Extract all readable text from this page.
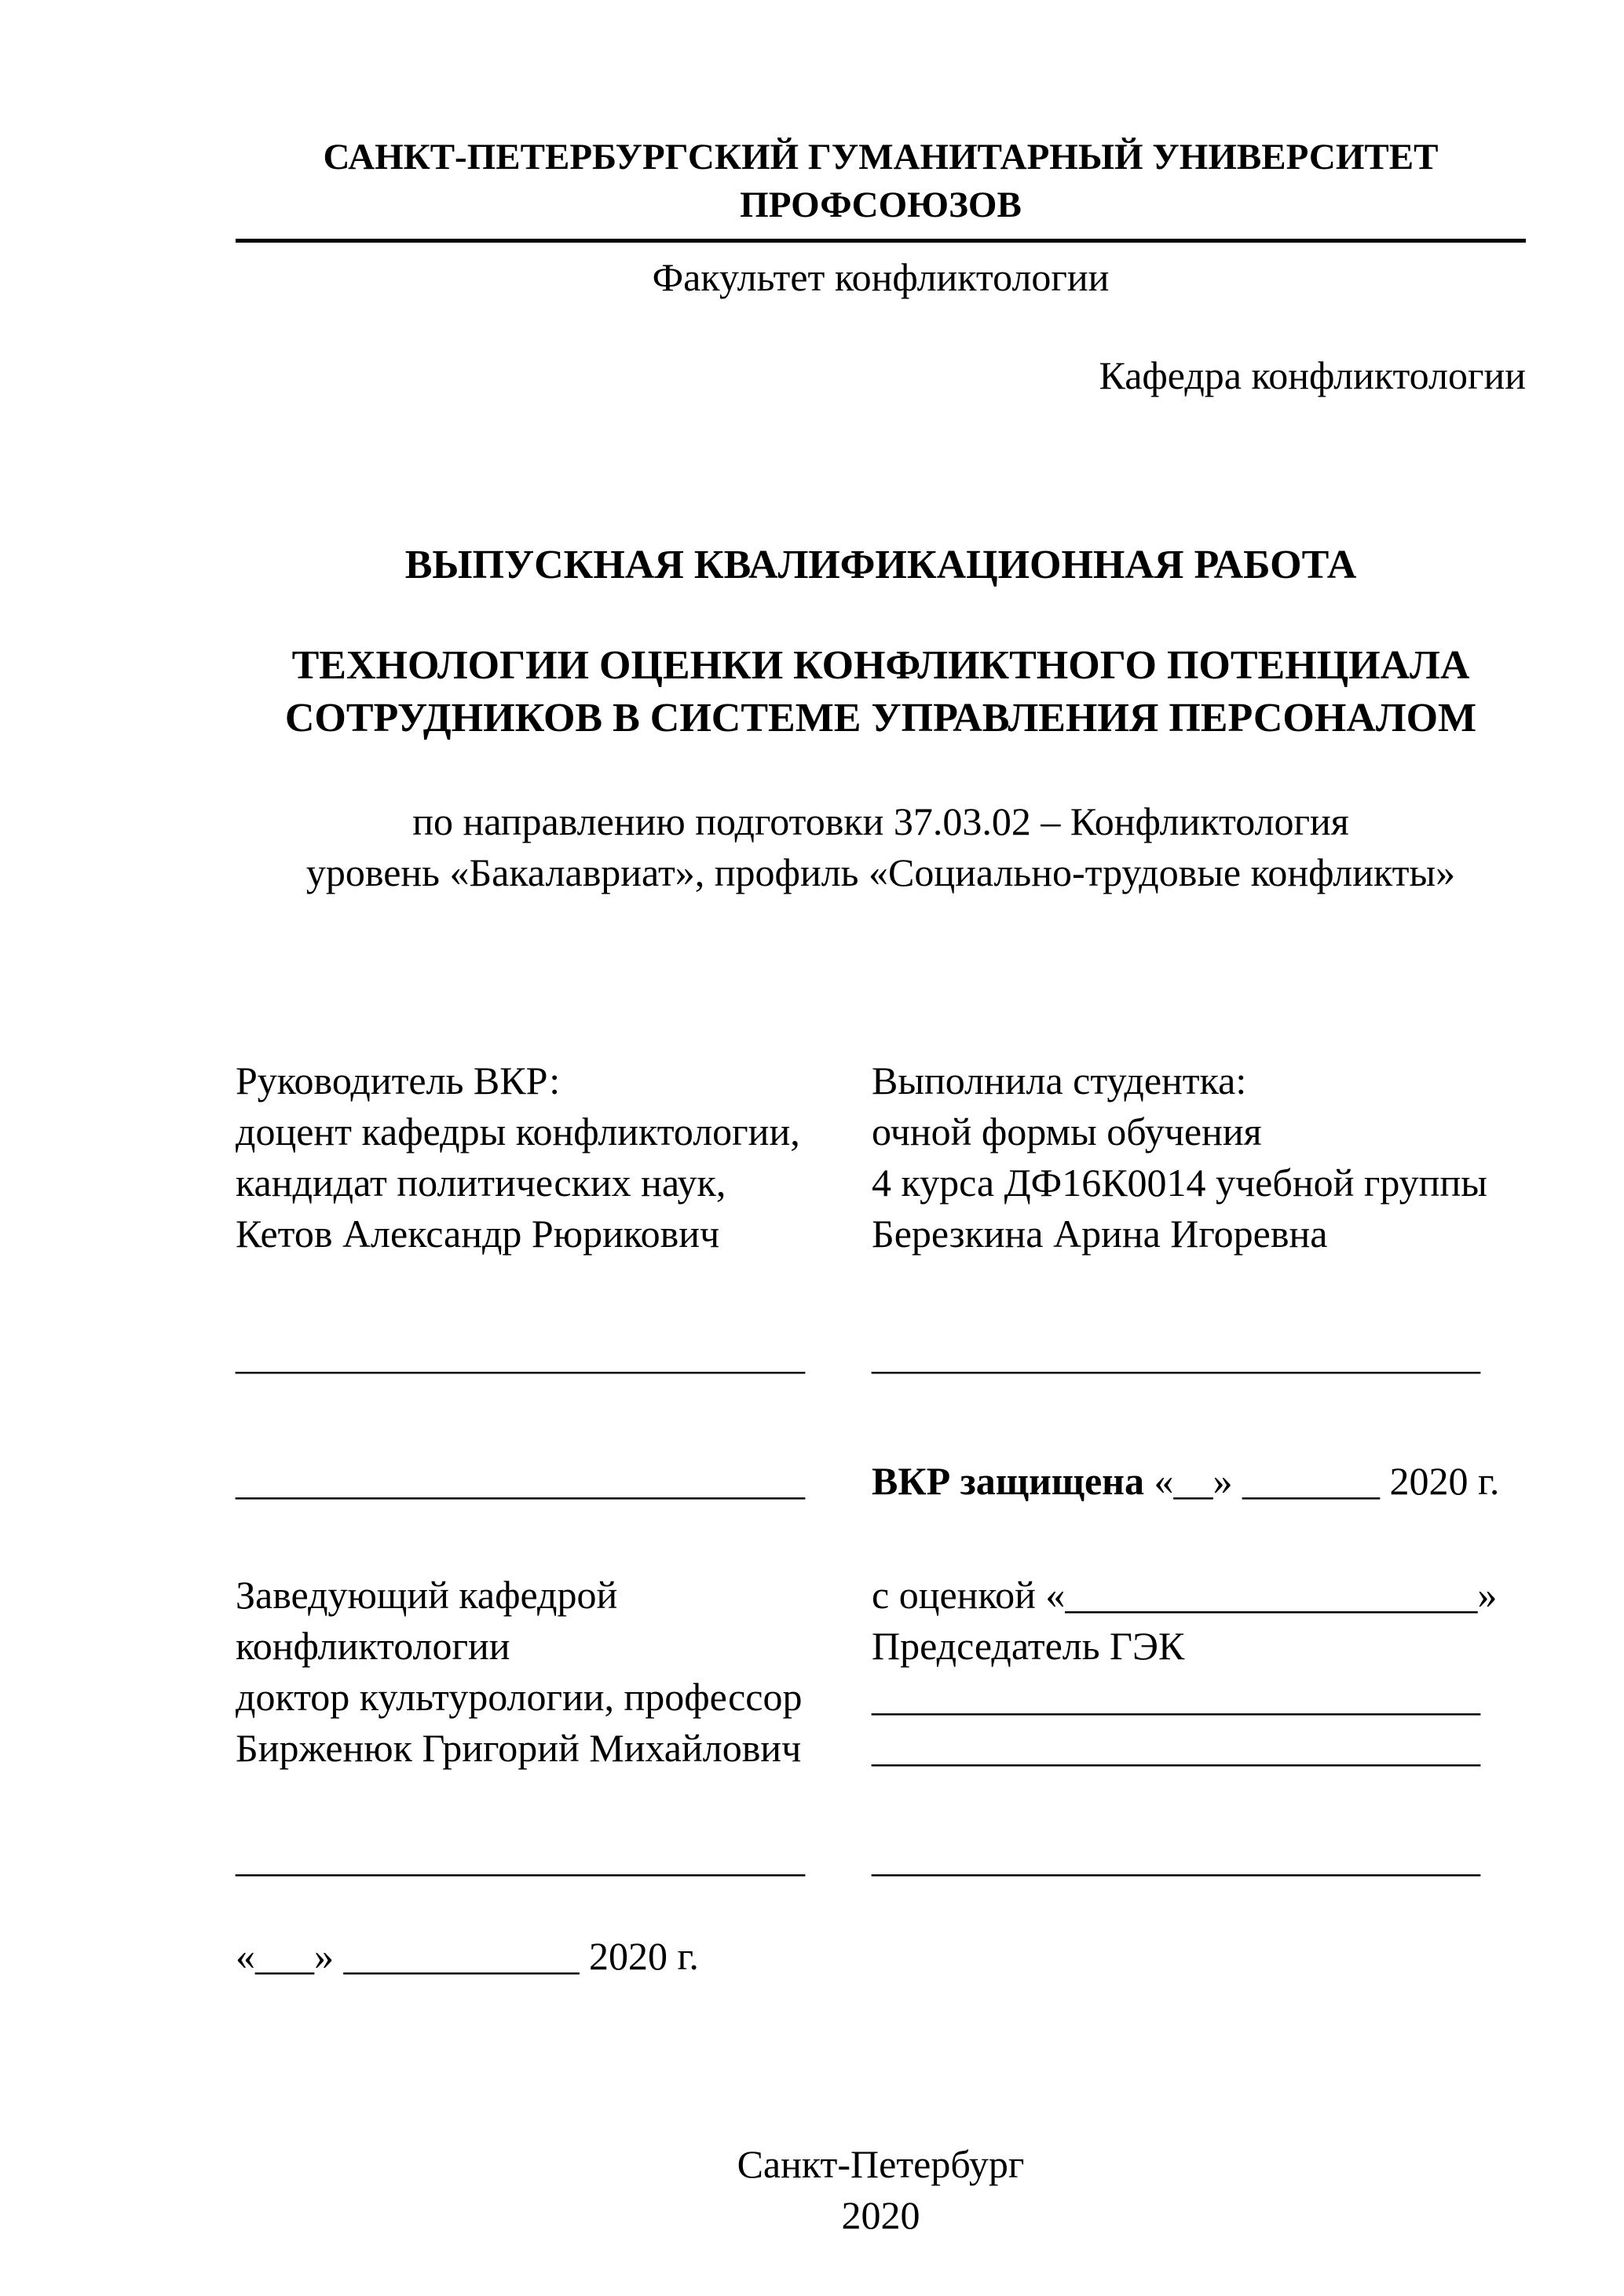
САНКТ-ПЕТЕРБУРГСКИЙ ГУМАНИТАРНЫЙ УНИВЕРСИТЕТ ПРОФСОЮЗОВ
Факультет конфликтологии
Кафедра конфликтологии
ВЫПУСКНАЯ КВАЛИФИКАЦИОННАЯ РАБОТА
ТЕХНОЛОГИИ ОЦЕНКИ КОНФЛИКТНОГО ПОТЕНЦИАЛА
СОТРУДНИКОВ В СИСТЕМЕ УПРАВЛЕНИЯ ПЕРСОНАЛОМ
по направлению подготовки 37.03.02 – Конфликтология
уровень «Бакалавриат», профиль «Социально-трудовые конфликты»
Руководитель ВКР:
доцент кафедры конфликтологии,
кандидат политических наук,
Кетов Александр Рюрикович
Выполнила студентка:
очной формы обучения
4 курса ДФ16К0014 учебной группы
Березкина Арина Игоревна
_____________________________	_______________________________
_____________________________	ВКР защищена «__» _______ 2020 г.
Заведующий кафедрой
конфликтологии
доктор культурологии, профессор
Бирженюк Григорий Михайлович
с оценкой «_____________________»
Председатель ГЭК
_______________________________
_______________________________
_____________________________	_______________________________
«___» ____________ 2020 г.
Санкт-Петербург
2020
